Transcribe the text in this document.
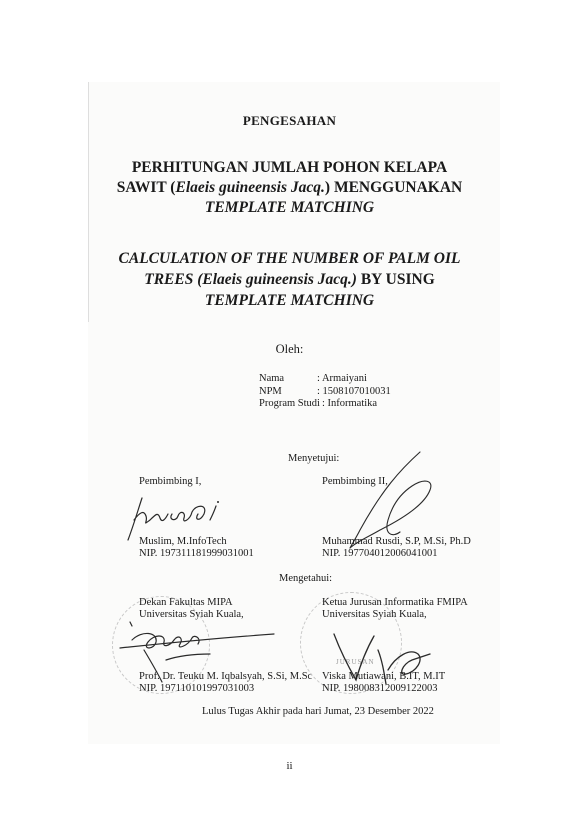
PENGESAHAN
PERHITUNGAN JUMLAH POHON KELAPA
SAWIT (Elaeis guineensis Jacq.) MENGGUNAKAN
TEMPLATE MATCHING
CALCULATION OF THE NUMBER OF PALM OIL
TREES (Elaeis guineensis Jacq.) BY USING
TEMPLATE MATCHING
Oleh:
Nama	: Armaiyani
NPM	: 1508107010031
Program Studi : Informatika
Menyetujui:
Pembimbing I,
Muslim, M.InfoTech
NIP. 197311181999031001
Pembimbing II,
Muhammad Rusdi, S.P, M.Si, Ph.D
NIP. 197704012006041001
Mengetahui:
Dekan Fakultas MIPA
Universitas Syiah Kuala,
Prof. Dr. Teuku M. Iqbalsyah, S.Si, M.Sc
NIP. 197110101997031003
JURUSAN
Ketua Jurusan Informatika FMIPA
Universitas Syiah Kuala,
Viska Mutiawani, B.IT, M.IT
NIP. 198008312009122003
Lulus Tugas Akhir pada hari Jumat, 23 Desember 2022
ii
